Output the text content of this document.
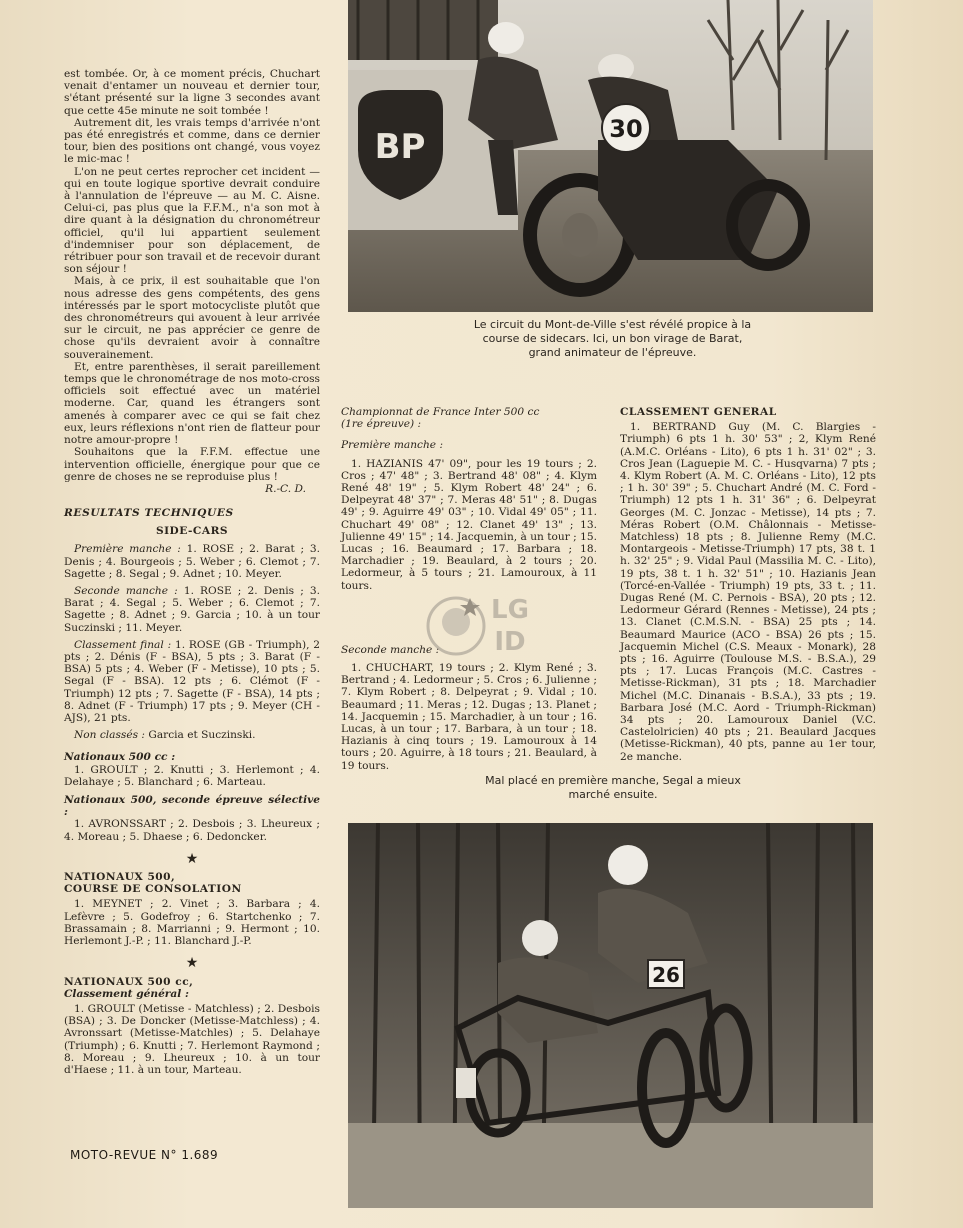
est tombée. Or, à ce moment précis, Chuchart venait d'entamer un nouveau et dernier tour, s'étant présenté sur la ligne 3 secondes avant que cette 45e minute ne soit tombée !

Autrement dit, les vrais temps d'arrivée n'ont pas été enregistrés et comme, dans ce dernier tour, bien des positions ont changé, vous voyez le mic-mac !

L'on ne peut certes reprocher cet incident — qui en toute logique sportive devrait conduire à l'annulation de l'épreuve — au M. C. Aisne. Celui-ci, pas plus que la F.F.M., n'a son mot à dire quant à la désignation du chronométreur officiel, qu'il lui appartient seulement d'indemniser pour son déplacement, de rétribuer pour son travail et de recevoir durant son séjour !

Mais, à ce prix, il est souhaitable que l'on nous adresse des gens compétents, des gens intéressés par le sport motocycliste plutôt que des chronométreurs qui avouent à leur arrivée sur le circuit, ne pas apprécier ce genre de chose qu'ils devraient avoir à connaître souverainement.

Et, entre parenthèses, il serait pareillement temps que le chronométrage de nos moto-cross officiels soit effectué avec un matériel moderne. Car, quand les étrangers sont amenés à comparer avec ce qui se fait chez eux, leurs réflexions n'ont rien de flatteur pour notre amour-propre !

Souhaitons que la F.F.M. effectue une intervention officielle, énergique pour que ce genre de choses ne se reproduise plus !

R.-C. D.
RESULTATS TECHNIQUES
SIDE-CARS

Première manche : 1. ROSE ; 2. Barat ; 3. Denis ; 4. Bourgeois ; 5. Weber ; 6. Clemot ; 7. Sagette ; 8. Segal ; 9. Adnet ; 10. Meyer.

Seconde manche : 1. ROSE ; 2. Denis ; 3. Barat ; 4. Segal ; 5. Weber ; 6. Clemot ; 7. Sagette ; 8. Adnet ; 9. Garcia ; 10. à un tour Suczinski ; 11. Meyer.

Classement final : 1. ROSE (GB - Triumph), 2 pts ; 2. Dénis (F - BSA), 5 pts ; 3. Barat (F - BSA) 5 pts ; 4. Weber (F - Metisse), 10 pts ; 5. Segal (F - BSA). 12 pts ; 6. Clémot (F - Triumph) 12 pts ; 7. Sagette (F - BSA), 14 pts ; 8. Adnet (F - Triumph) 17 pts ; 9. Meyer (CH - AJS), 21 pts.

Non classés : Garcia et Suczinski.

Nationaux 500 cc :

1. GROULT ; 2. Knutti ; 3. Herlemont ; 4. Delahaye ; 5. Blanchard ; 6. Marteau.

Nationaux 500, seconde épreuve sélective :

1. AVRONSSART ; 2. Desbois ; 3. Lheureux ; 4. Moreau ; 5. Dhaese ; 6. Dedoncker.

★
NATIONAUX 500,
COURSE DE CONSOLATION

1. MEYNET ; 2. Vinet ; 3. Barbara ; 4. Lefèvre ; 5. Godefroy ; 6. Startchenko ; 7. Brassamain ; 8. Marrianni ; 9. Hermont ; 10. Herlemont J.-P. ; 11. Blanchard J.-P.

★
NATIONAUX 500 cc,
Classement général :

1. GROULT (Metisse - Matchless) ; 2. Desbois (BSA) ; 3. De Doncker (Metisse-Matchless) ; 4. Avronssart (Metisse-Matchles) ; 5. Delahaye (Triumph) ; 6. Knutti ; 7. Herlemont Raymond ; 8. Moreau ; 9. Lheureux ; 10. à un tour d'Haese ; 11. à un tour, Marteau.

MOTO-REVUE N° 1.689
BP	30
Le circuit du Mont-de-Ville s'est révélé propice à la course de sidecars. Ici, un bon virage de Barat, grand animateur de l'épreuve.
Championnat de France Inter 500 cc
(1re épreuve) :
Première manche :

1. HAZIANIS 47' 09", pour les 19 tours ; 2. Cros ; 47' 48" ; 3. Bertrand 48' 08" ; 4. Klym René 48' 19" ; 5. Klym Robert 48' 24" ; 6. Delpeyrat 48' 37" ; 7. Meras 48' 51" ; 8. Dugas 49' ; 9. Aguirre 49' 03" ; 10. Vidal 49' 05" ; 11. Chuchart 49' 08" ; 12. Clanet 49' 13" ; 13. Julienne 49' 15" ; 14. Jacquemin, à un tour ; 15. Lucas ; 16. Beaumard ; 17. Barbara ; 18. Marchadier ; 19. Beaulard, à 2 tours ; 20. Ledormeur, à 5 tours ; 21. Lamouroux, à 11 tours.

Seconde manche :

1. CHUCHART, 19 tours ; 2. Klym René ; 3. Bertrand ; 4. Ledormeur ; 5. Cros ; 6. Julienne ; 7. Klym Robert ; 8. Delpeyrat ; 9. Vidal ; 10. Beaumard ; 11. Meras ; 12. Dugas ; 13. Planet ; 14. Jacquemin ; 15. Marchadier, à un tour ; 16. Lucas, à un tour ; 17. Barbara, à un tour ; 18. Hazianis à cinq tours ; 19. Lamouroux à 14 tours ; 20. Aguirre, à 18 tours ; 21. Beaulard, à 19 tours.

LG
ID
CLASSEMENT GENERAL

1. BERTRAND Guy (M. C. Blargies - Triumph) 6 pts 1 h. 30' 53" ; 2, Klym René (A.M.C. Orléans - Lito), 6 pts 1 h. 31' 02" ; 3. Cros Jean (Laguepie M. C. - Husqvarna) 7 pts ; 4. Klym Robert (A. M. C. Orléans - Lito), 12 pts ; 1 h. 30' 39" ; 5. Chuchart André (M. C. Ford - Triumph) 12 pts 1 h. 31' 36" ; 6. Delpeyrat Georges (M. C. Jonzac - Metisse), 14 pts ; 7. Méras Robert (O.M. Châlonnais - Metisse-Matchless) 18 pts ; 8. Julienne Remy (M.C. Montargeois - Metisse-Triumph) 17 pts, 38 t. 1 h. 32' 25" ; 9. Vidal Paul (Massilia M. C. - Lito), 19 pts, 38 t. 1 h. 32' 51" ; 10. Hazianis Jean (Torcé-en-Vallée - Triumph) 19 pts, 33 t. ; 11. Dugas René (M. C. Pernois - BSA), 20 pts ; 12. Ledormeur Gérard (Rennes - Metisse), 24 pts ; 13. Clanet (C.M.S.N. - BSA) 25 pts ; 14. Beaumard Maurice (ACO - BSA) 26 pts ; 15. Jacquemin Michel (C.S. Meaux - Monark), 28 pts ; 16. Aguirre (Toulouse M.S. - B.S.A.), 29 pts ; 17. Lucas François (M.C. Castres - Metisse-Rickman), 31 pts ; 18. Marchadier Michel (M.C. Dinanais - B.S.A.), 33 pts ; 19. Barbara José (M.C. Aord - Triumph-Rickman) 34 pts ; 20. Lamouroux Daniel (V.C. Castelolricien) 40 pts ; 21. Beaulard Jacques (Metisse-Rickman), 40 pts, panne au 1er tour, 2e manche.

Mal placé en première manche, Segal a mieux marché ensuite.
26
